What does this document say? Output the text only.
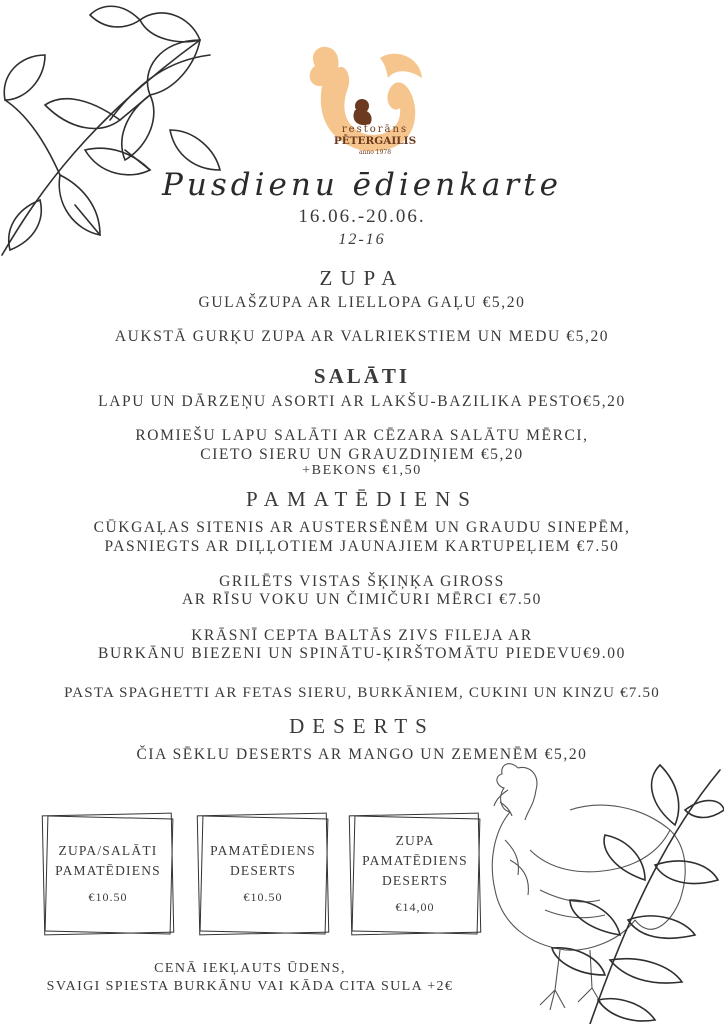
restorāns
PĒTERGAILIS
anno 1978
Pusdienu ēdienkarte
16.06.-20.06.
12-16
ZUPA
GULAŠZUPA AR LIELLOPA GAĻU €5,20
AUKSTĀ GURĶU ZUPA AR VALRIEKSTIEM UN MEDU €5,20
SALĀTI
LAPU UN DĀRZEŅU ASORTI AR LAKŠU-BAZILIKA PESTO€5,20
ROMIEŠU LAPU SALĀTI AR CĒZARA SALĀTU MĒRCI,
CIETO SIERU UN GRAUZDIŅIEM €5,20
+BEKONS €1,50
PAMATĒDIENS
CŪKGAĻAS SITENIS AR AUSTERSĒNĒM UN GRAUDU SINEPĒM,
PASNIEGTS AR DIĻĻOTIEM JAUNAJIEM KARTUPEĻIEM €7.50
GRILĒTS VISTAS ŠĶIŅĶA GIROSS
AR RĪSU VOKU UN ČIMIČURI MĒRCI €7.50
KRĀSNĪ CEPTA BALTĀS ZIVS FILEJA AR
BURKĀNU BIEZENI UN SPINĀTU-ĶIRŠTOMĀTU PIEDEVU€9.00
PASTA SPAGHETTI AR FETAS SIERU, BURKĀNIEM, CUKINI UN KINZU €7.50
DESERTS
ČIA SĒKLU DESERTS AR MANGO UN ZEMENĒM €5,20
ZUPA/SALĀTI
PAMATĒDIENS
€10.50
PAMATĒDIENS
DESERTS
€10.50
ZUPA
PAMATĒDIENS
DESERTS
€14,00
CENĀ IEKĻAUTS ŪDENS,
SVAIGI SPIESTA BURKĀNU VAI KĀDA CITA SULA +2€
